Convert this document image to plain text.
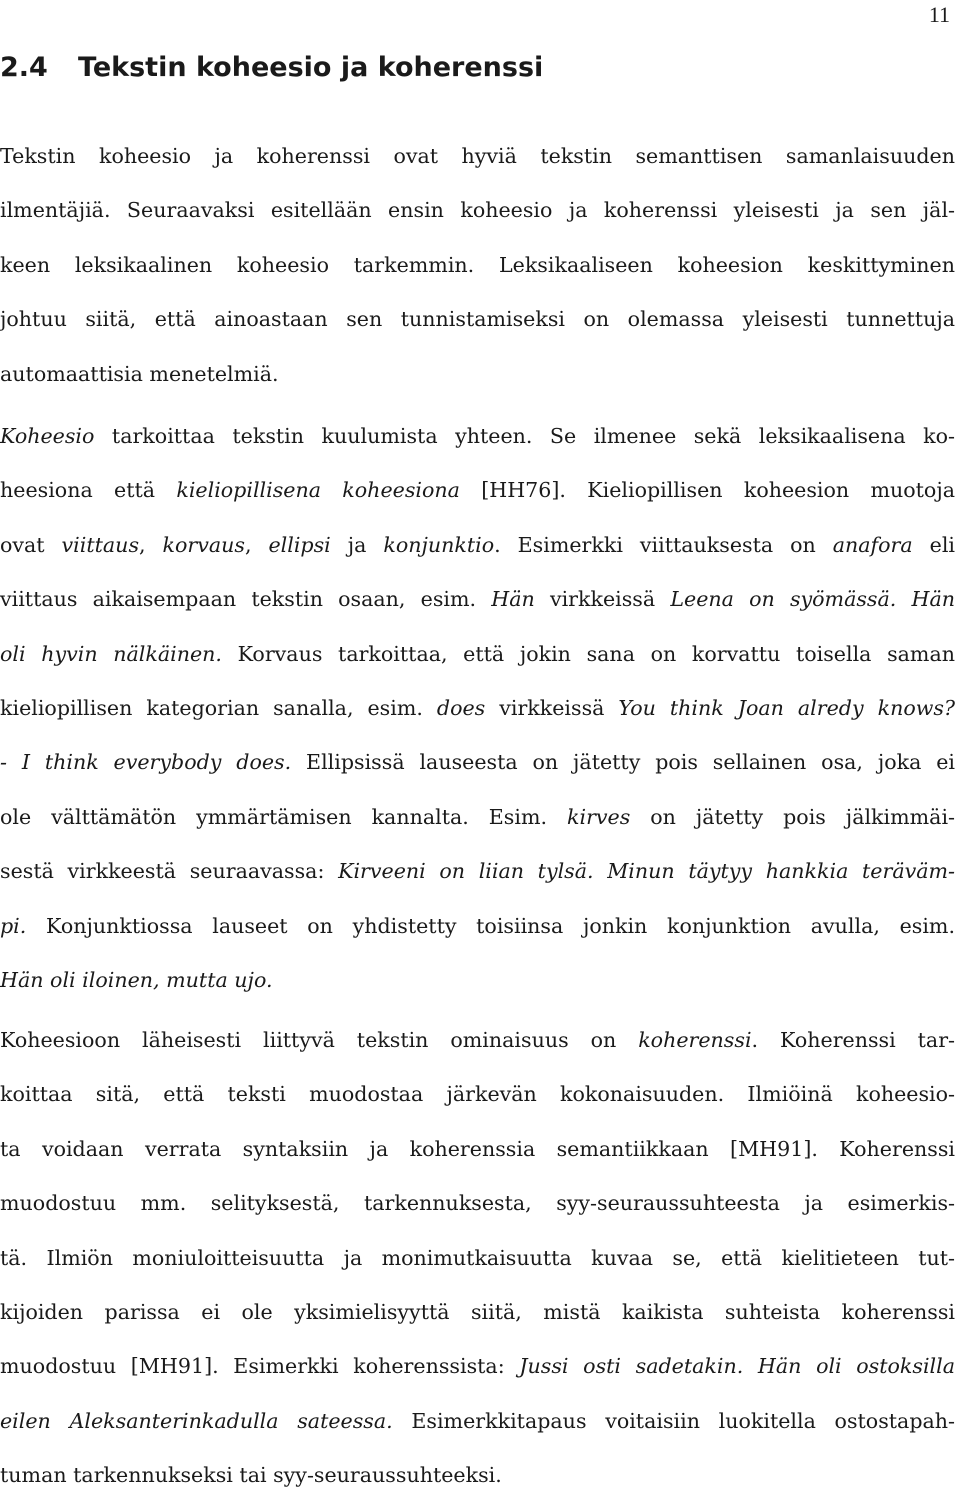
11
2.4 Tekstin koheesio ja koherenssi
Tekstin koheesio ja koherenssi ovat hyviä tekstin semanttisen samanlaisuuden
ilmentäjiä. Seuraavaksi esitellään ensin koheesio ja koherenssi yleisesti ja sen jäl-
keen leksikaalinen koheesio tarkemmin. Leksikaaliseen koheesion keskittyminen
johtuu siitä, että ainoastaan sen tunnistamiseksi on olemassa yleisesti tunnettuja
automaattisia menetelmiä.
Koheesio tarkoittaa tekstin kuulumista yhteen. Se ilmenee sekä leksikaalisena ko-
heesiona että kieliopillisena koheesiona [HH76]. Kieliopillisen koheesion muotoja
ovat viittaus, korvaus, ellipsi ja konjunktio. Esimerkki viittauksesta on anafora eli
viittaus aikaisempaan tekstin osaan, esim. Hän virkkeissä Leena on syömässä. Hän
oli hyvin nälkäinen. Korvaus tarkoittaa, että jokin sana on korvattu toisella saman
kieliopillisen kategorian sanalla, esim. does virkkeissä You think Joan alredy knows?
- I think everybody does. Ellipsissä lauseesta on jätetty pois sellainen osa, joka ei
ole välttämätön ymmärtämisen kannalta. Esim. kirves on jätetty pois jälkimmäi-
sestä virkkeestä seuraavassa: Kirveeni on liian tylsä. Minun täytyy hankkia teräväm-
pi. Konjunktiossa lauseet on yhdistetty toisiinsa jonkin konjunktion avulla, esim.
Hän oli iloinen, mutta ujo.
Koheesioon läheisesti liittyvä tekstin ominaisuus on koherenssi. Koherenssi tar-
koittaa sitä, että teksti muodostaa järkevän kokonaisuuden. Ilmiöinä koheesio-
ta voidaan verrata syntaksiin ja koherenssia semantiikkaan [MH91]. Koherenssi
muodostuu mm. selityksestä, tarkennuksesta, syy-seuraussuhteesta ja esimerkis-
tä. Ilmiön moniuloitteisuutta ja monimutkaisuutta kuvaa se, että kielitieteen tut-
kijoiden parissa ei ole yksimielisyyttä siitä, mistä kaikista suhteista koherenssi
muodostuu [MH91]. Esimerkki koherenssista: Jussi osti sadetakin. Hän oli ostoksilla
eilen Aleksanterinkadulla sateessa. Esimerkkitapaus voitaisiin luokitella ostostapah-
tuman tarkennukseksi tai syy-seuraussuhteeksi.
